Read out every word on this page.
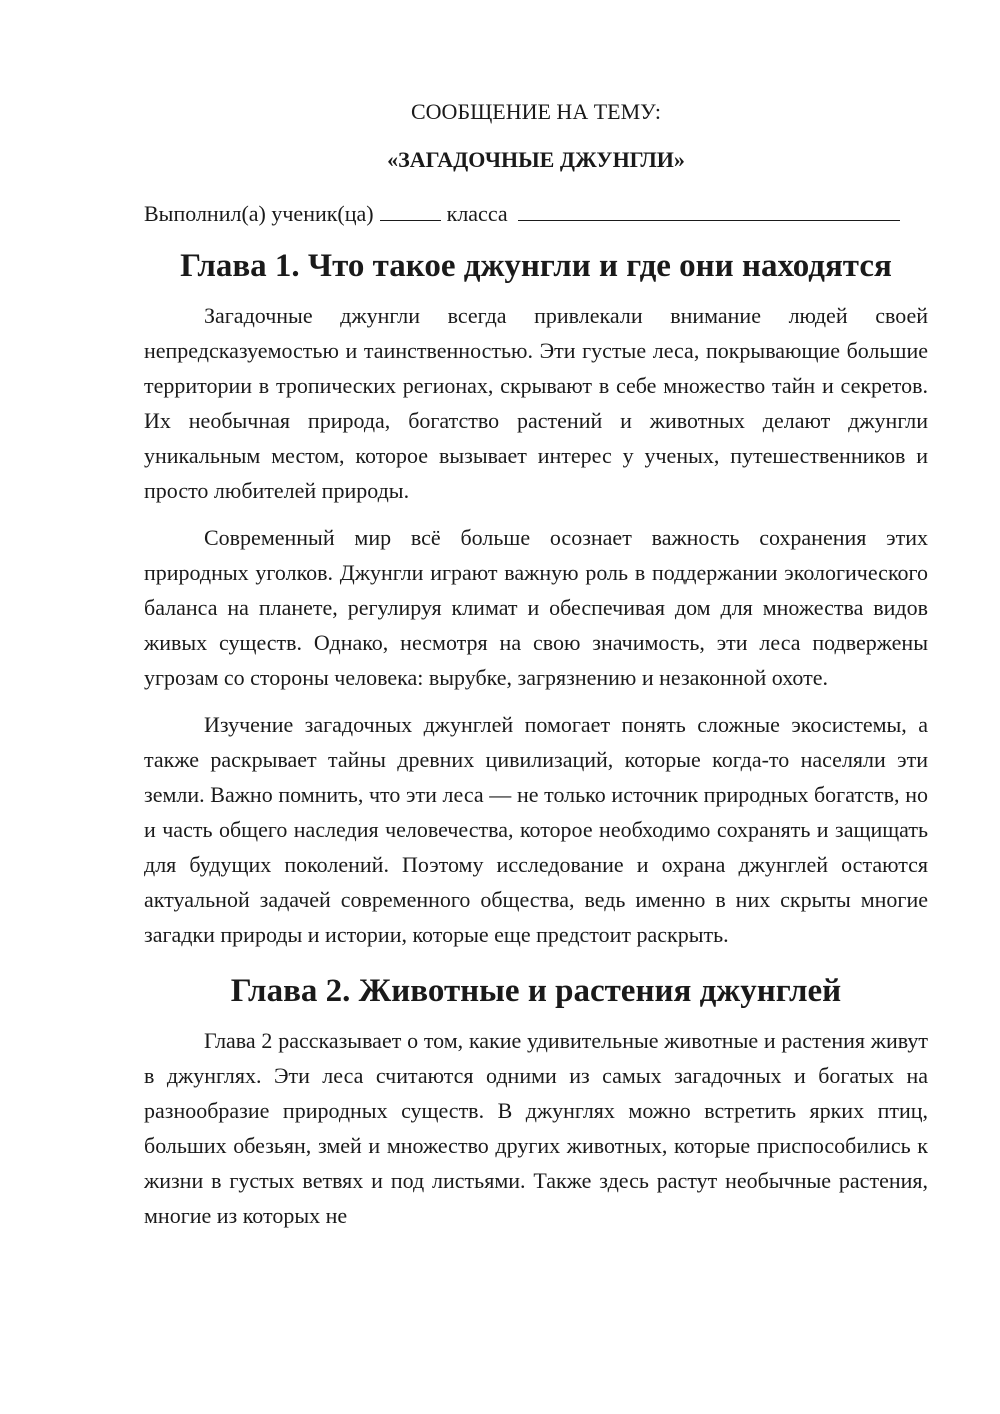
СООБЩЕНИЕ НА ТЕМУ:

«ЗАГАДОЧНЫЕ ДЖУНГЛИ»

Выполнил(а) ученик(ца)	класса
Глава 1. Что такое джунгли и где они находятся

Загадочные джунгли всегда привлекали внимание людей своей непредсказуемостью и таинственностью. Эти густые леса, покрывающие большие территории в тропических регионах, скрывают в себе множество тайн и секретов. Их необычная природа, богатство растений и животных делают джунгли уникальным местом, которое вызывает интерес у ученых, путешественников и просто любителей природы.

Современный мир всё больше осознает важность сохранения этих природных уголков. Джунгли играют важную роль в поддержании экологического баланса на планете, регулируя климат и обеспечивая дом для множества видов живых существ. Однако, несмотря на свою значимость, эти леса подвержены угрозам со стороны человека: вырубке, загрязнению и незаконной охоте.

Изучение загадочных джунглей помогает понять сложные экосистемы, а также раскрывает тайны древних цивилизаций, которые когда-то населяли эти земли. Важно помнить, что эти леса — не только источник природных богатств, но и часть общего наследия человечества, которое необходимо сохранять и защищать для будущих поколений. Поэтому исследование и охрана джунглей остаются актуальной задачей современного общества, ведь именно в них скрыты многие загадки природы и истории, которые еще предстоит раскрыть.

Глава 2. Животные и растения джунглей

Глава 2 рассказывает о том, какие удивительные животные и растения живут в джунглях. Эти леса считаются одними из самых загадочных и богатых на разнообразие природных существ. В джунглях можно встретить ярких птиц, больших обезьян, змей и множество других животных, которые приспособились к жизни в густых ветвях и под листьями. Также здесь растут необычные растения, многие из которых не
